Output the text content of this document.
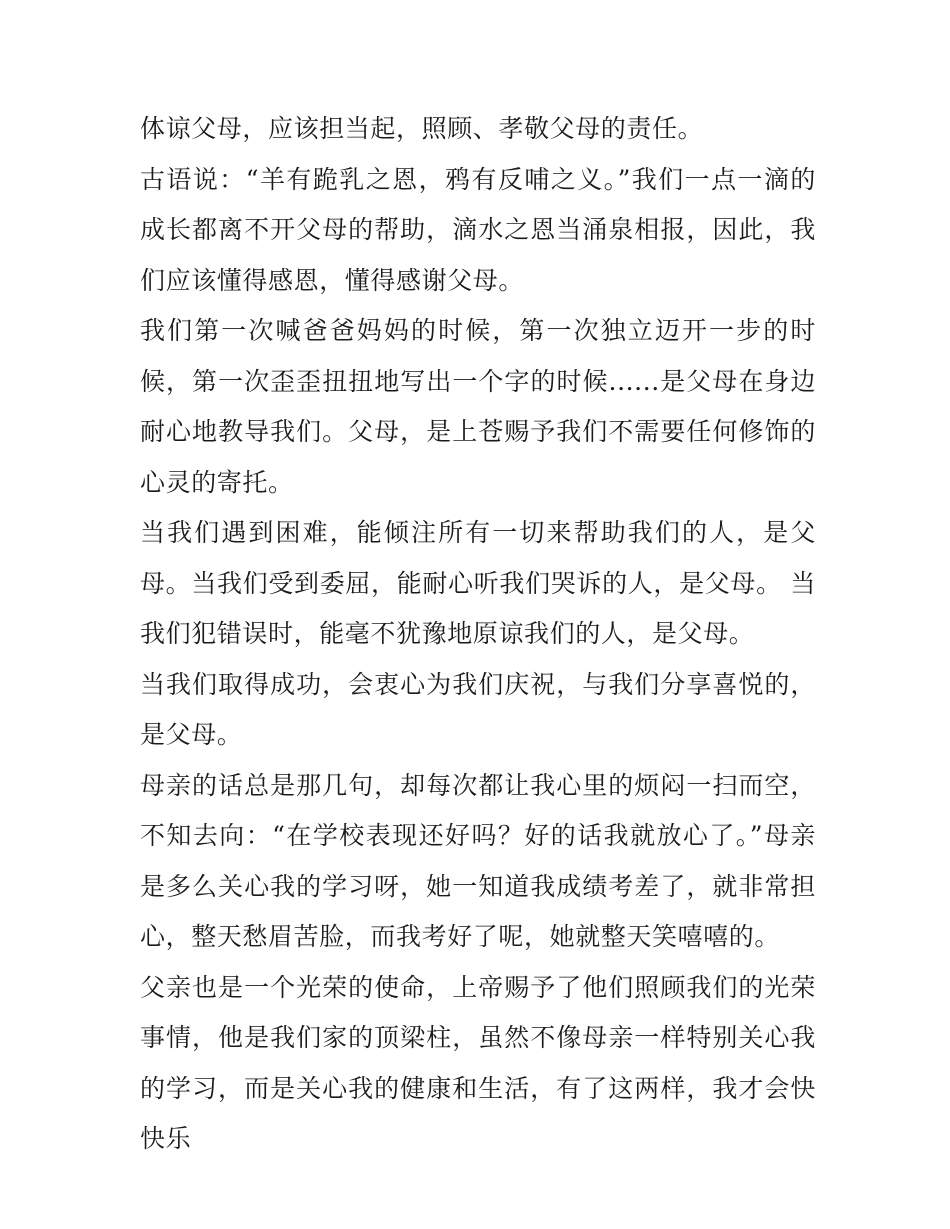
体谅父母，应该担当起，照顾、孝敬父母的责任。

古语说：“羊有跪乳之恩，鸦有反哺之义。”我们一点一滴的成长都离不开父母的帮助，滴水之恩当涌泉相报，因此，我们应该懂得感恩，懂得感谢父母。

我们第一次喊爸爸妈妈的时候，第一次独立迈开一步的时候，第一次歪歪扭扭地写出一个字的时候......是父母在身边耐心地教导我们。父母，是上苍赐予我们不需要任何修饰的心灵的寄托。

当我们遇到困难，能倾注所有一切来帮助我们的人，是父母。当我们受到委屈，能耐心听我们哭诉的人，是父母。 当我们犯错误时，能毫不犹豫地原谅我们的人，是父母。

当我们取得成功，会衷心为我们庆祝，与我们分享喜悦的，是父母。

母亲的话总是那几句，却每次都让我心里的烦闷一扫而空，不知去向：“在学校表现还好吗？好的话我就放心了。”母亲是多么关心我的学习呀，她一知道我成绩考差了，就非常担心，整天愁眉苦脸，而我考好了呢，她就整天笑嘻嘻的。

父亲也是一个光荣的使命，上帝赐予了他们照顾我们的光荣事情，他是我们家的顶梁柱，虽然不像母亲一样特别关心我的学习，而是关心我的健康和生活，有了这两样，我才会快快乐
